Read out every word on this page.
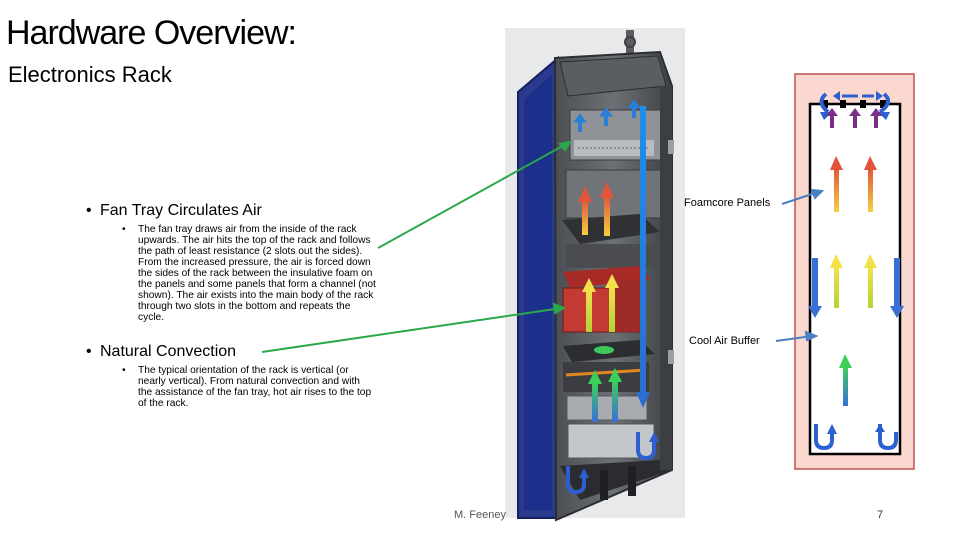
Hardware Overview:
Electronics Rack
• Fan Tray Circulates Air
• The fan tray draws air from the inside of the rack upwards. The air hits the top of the rack and follows the path of least resistance (2 slots out the sides). From the increased pressure, the air is forced down the sides of the rack between the insulative foam on the panels and some panels that form a channel (not shown). The air exists into the main body of the rack through two slots in the bottom and repeats the cycle.
• Natural Convection
• The typical orientation of the rack is vertical (or nearly vertical). From natural convection and with the assistance of the fan tray, hot air rises to the top of the rack.
Foamcore Panels
Cool Air Buffer
M. Feeney	7
